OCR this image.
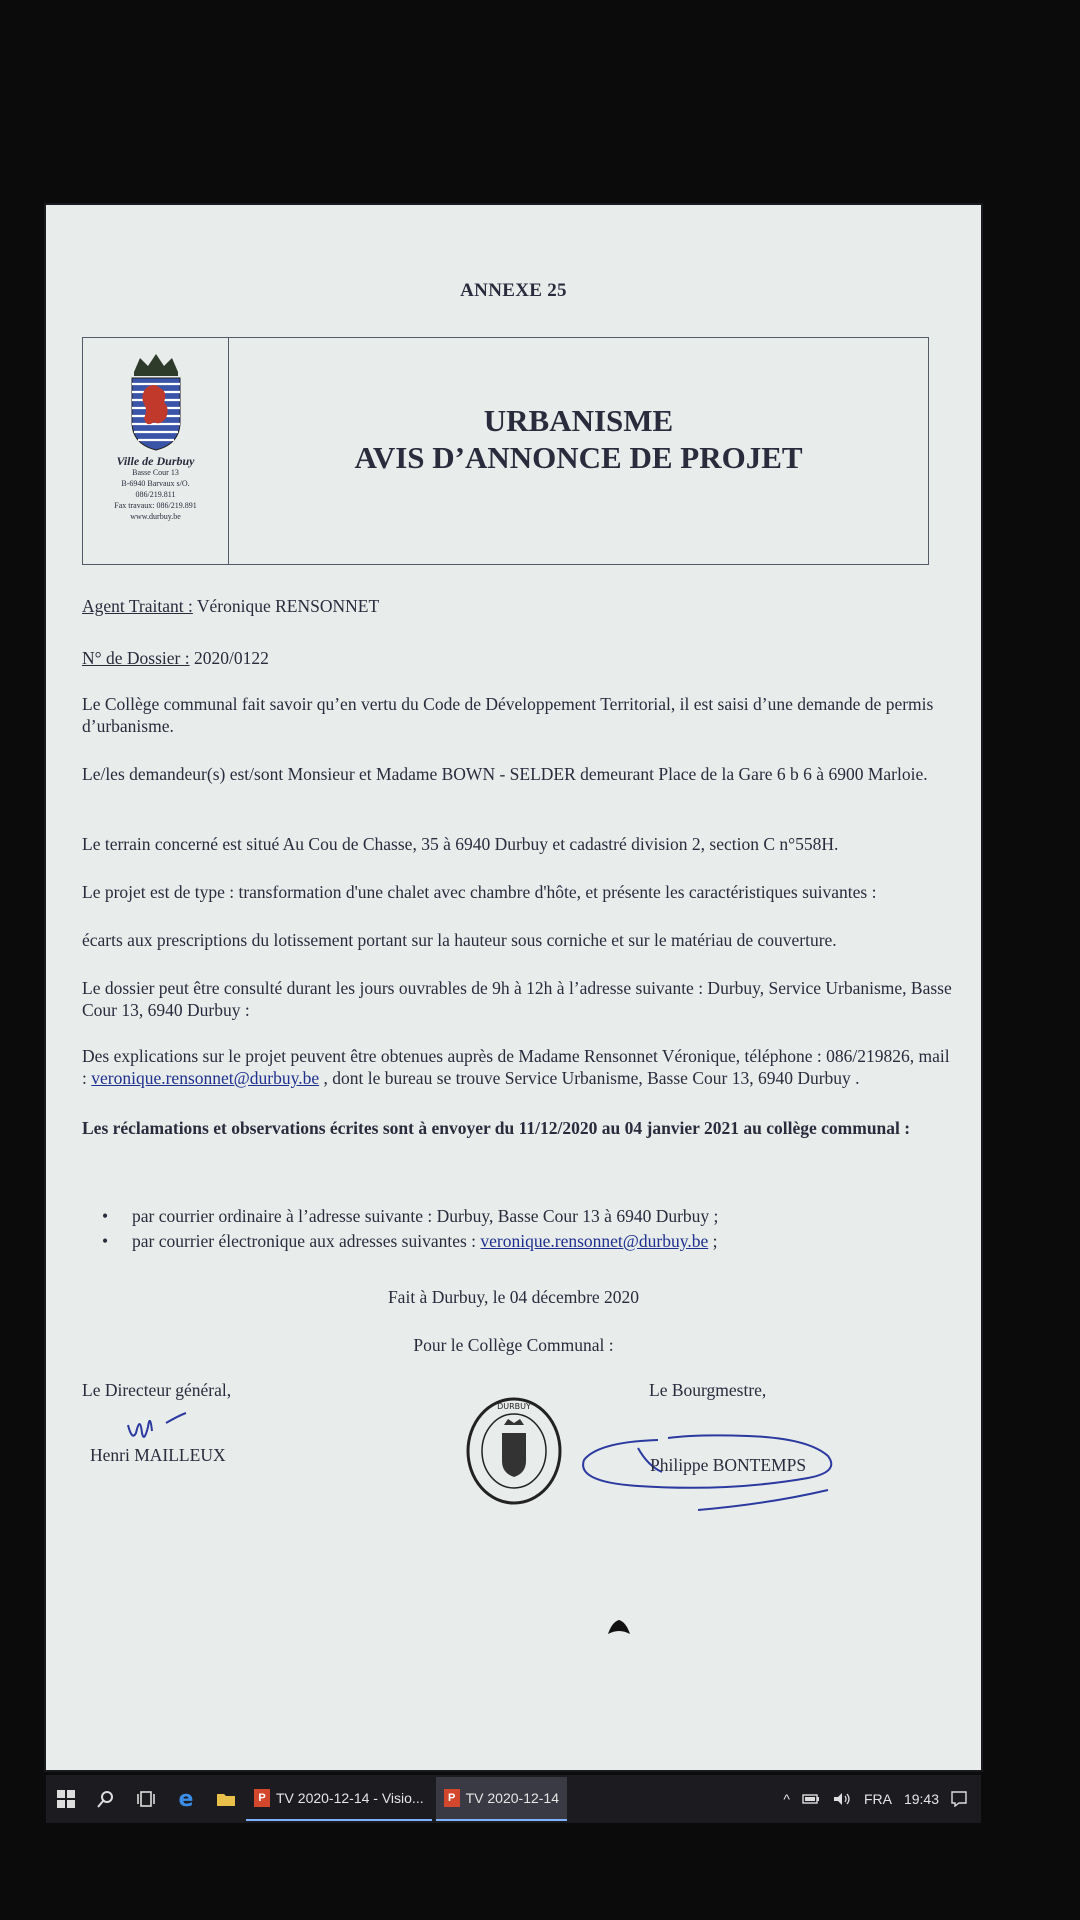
ANNEXE 25
Ville de Durbuy
Basse Cour 13
B-6940 Barvaux s/O.
086/219.811
Fax travaux: 086/219.891
www.durbuy.be
URBANISME
AVIS D’ANNONCE DE PROJET

Agent Traitant : Véronique RENSONNET

N° de Dossier : 2020/0122

Le Collège communal fait savoir qu’en vertu du Code de Développement Territorial, il est saisi d’une demande de permis d’urbanisme.

Le/les demandeur(s) est/sont Monsieur et Madame BOWN - SELDER demeurant Place de la Gare 6 b 6 à 6900 Marloie.

Le terrain concerné est situé Au Cou de Chasse, 35 à 6940 Durbuy et cadastré division 2, section C n°558H.

Le projet est de type : transformation d'une chalet avec chambre d'hôte, et présente les caractéristiques suivantes :

écarts aux prescriptions du lotissement portant sur la hauteur sous corniche et sur le matériau de couverture.

Le dossier peut être consulté durant les jours ouvrables de 9h à 12h à l’adresse suivante : Durbuy, Service Urbanisme, Basse Cour 13, 6940 Durbuy :

Des explications sur le projet peuvent être obtenues auprès de Madame Rensonnet Véronique, téléphone : 086/219826, mail : veronique.rensonnet@durbuy.be , dont le bureau se trouve Service Urbanisme, Basse Cour 13, 6940 Durbuy .

Les réclamations et observations écrites sont à envoyer du 11/12/2020 au 04 janvier 2021 au collège communal :

• par courrier ordinaire à l’adresse suivante : Durbuy, Basse Cour 13 à 6940 Durbuy ;
• par courrier électronique aux adresses suivantes : veronique.rensonnet@durbuy.be ;
Fait à Durbuy, le 04 décembre 2020
Pour le Collège Communal :
Le Directeur général,
Henri MAILLEUX
DURBUY
Le Bourgmestre,
Philippe BONTEMPS
e	P TV 2020-12-14 - Visio...	P TV 2020-12-14	^	FRA 19:43
